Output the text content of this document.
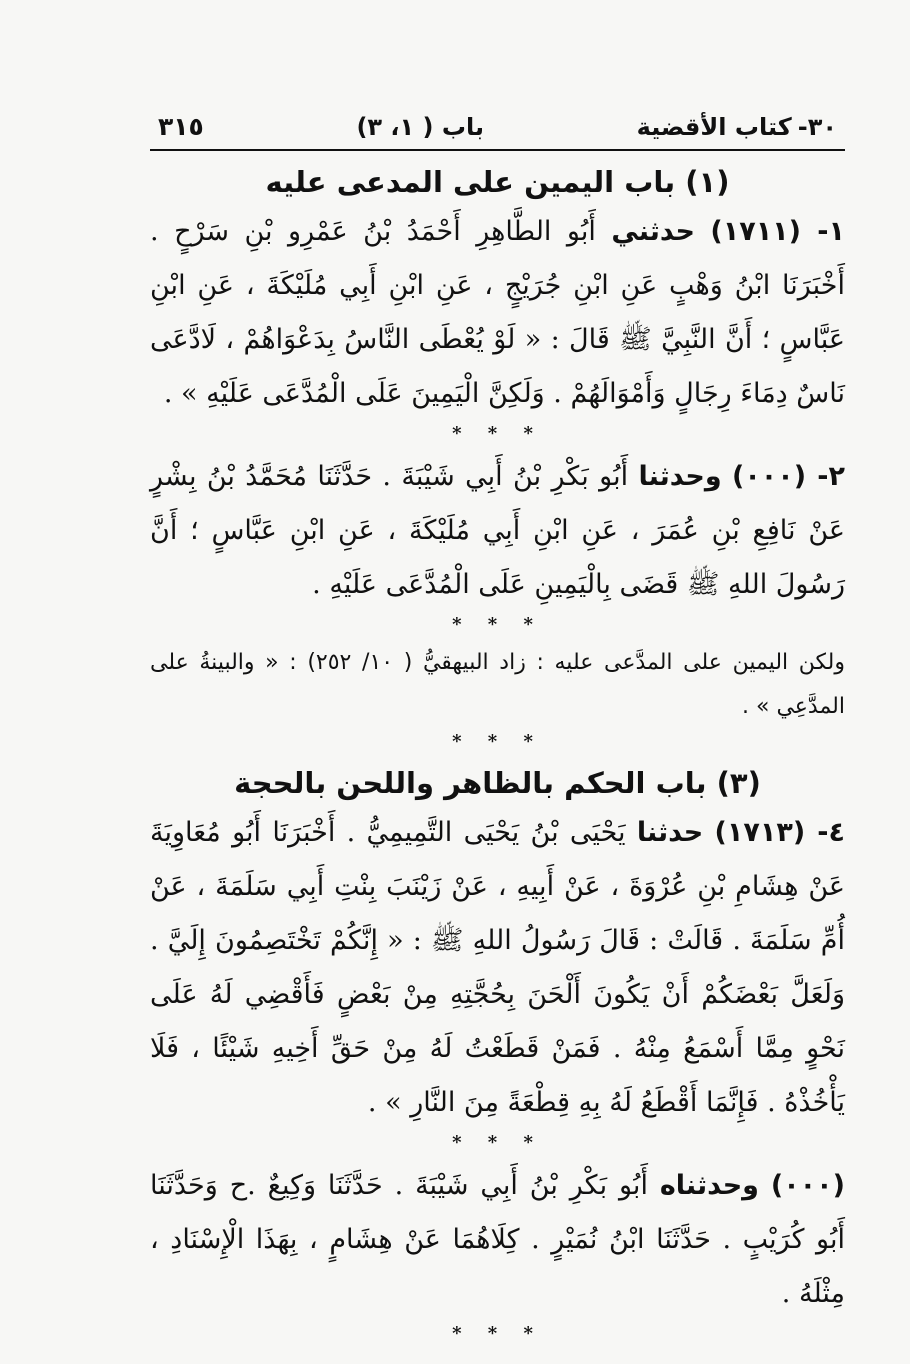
٣٠-
كتاب الأقضية
باب ( ١، ٣)
٣١٥
(١) باب اليمين على المدعى عليه

١- (١٧١١) حدثني أَبُو الطَّاهِرِ أَحْمَدُ بْنُ عَمْرِو بْنِ سَرْحٍ . أَخْبَرَنَا ابْنُ وَهْبٍ عَنِ ابْنِ جُرَيْجٍ ، عَنِ ابْنِ أَبِي مُلَيْكَةَ ، عَنِ ابْنِ عَبَّاسٍ ؛ أَنَّ النَّبِيَّ ﷺ قَالَ : « لَوْ يُعْطَى النَّاسُ بِدَعْوَاهُمْ ، لَادَّعَى نَاسٌ دِمَاءَ رِجَالٍ وَأَمْوَالَهُمْ . وَلَكِنَّ الْيَمِينَ عَلَى الْمُدَّعَى عَلَيْهِ » .

* * *

٢- (٠٠٠) وحدثنا أَبُو بَكْرِ بْنُ أَبِي شَيْبَةَ . حَدَّثَنَا مُحَمَّدُ بْنُ بِشْرٍ عَنْ نَافِعِ بْنِ عُمَرَ ، عَنِ ابْنِ أَبِي مُلَيْكَةَ ، عَنِ ابْنِ عَبَّاسٍ ؛ أَنَّ رَسُولَ اللهِ ﷺ قَضَى بِالْيَمِينِ عَلَى الْمُدَّعَى عَلَيْهِ .

* * *

ولكن اليمين على المدَّعى عليه : زاد البيهقيُّ ( ١٠/ ٢٥٢) : « والبينةُ على المدَّعِي » .

* * *
(٣) باب الحكم بالظاهر واللحن بالحجة

٤- (١٧١٣) حدثنا يَحْيَى بْنُ يَحْيَى التَّمِيمِيُّ . أَخْبَرَنَا أَبُو مُعَاوِيَةَ عَنْ هِشَامِ بْنِ عُرْوَةَ ، عَنْ أَبِيهِ ، عَنْ زَيْنَبَ بِنْتِ أَبِي سَلَمَةَ ، عَنْ أُمِّ سَلَمَةَ . قَالَتْ : قَالَ رَسُولُ اللهِ ﷺ : « إِنَّكُمْ تَخْتَصِمُونَ إِلَيَّ . وَلَعَلَّ بَعْضَكُمْ أَنْ يَكُونَ أَلْحَنَ بِحُجَّتِهِ مِنْ بَعْضٍ فَأَقْضِي لَهُ عَلَى نَحْوٍ مِمَّا أَسْمَعُ مِنْهُ . فَمَنْ قَطَعْتُ لَهُ مِنْ حَقِّ أَخِيهِ شَيْئًا ، فَلَا يَأْخُذْهُ . فَإِنَّمَا أَقْطَعُ لَهُ بِهِ قِطْعَةً مِنَ النَّارِ » .

* * *

(٠٠٠) وحدثناه أَبُو بَكْرِ بْنُ أَبِي شَيْبَةَ . حَدَّثَنَا وَكِيعٌ .ح وَحَدَّثَنَا أَبُو كُرَيْبٍ . حَدَّثَنَا ابْنُ نُمَيْرٍ . كِلَاهُمَا عَنْ هِشَامٍ ، بِهَذَا الْإِسْنَادِ ، مِثْلَهُ .

* * *
